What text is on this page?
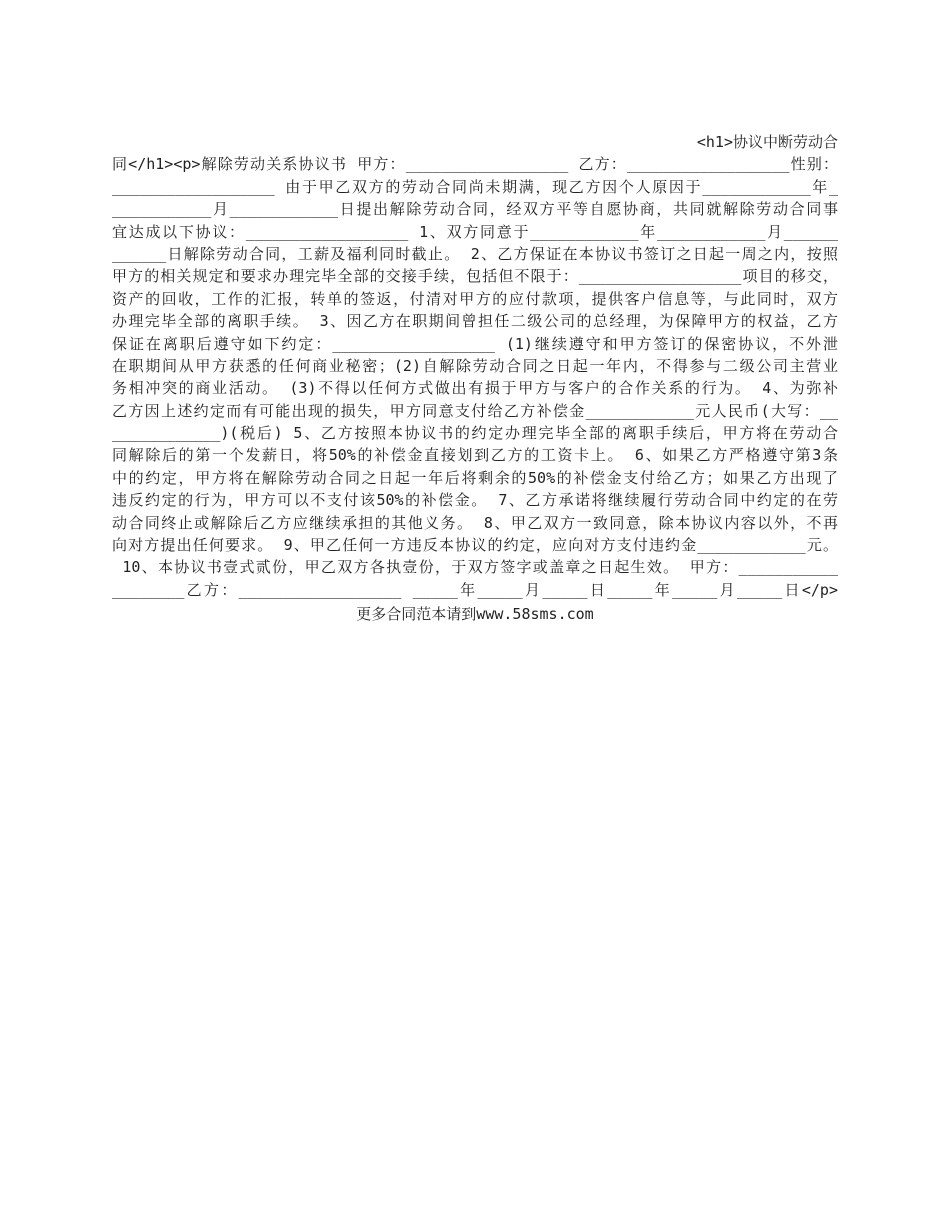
<h1>协议中断劳动合
同</h1><p>解除劳动关系协议书 甲方：__________________ 乙方：__________________性别：
__________________ 由于甲乙双方的劳动合同尚未期满，现乙方因个人原因于____________年_
___________月____________日提出解除劳动合同，经双方平等自愿协商，共同就解除劳动合同事
宜达成以下协议：__________________ 1、双方同意于____________年____________月______
______日解除劳动合同，工薪及福利同时截止。 2、乙方保证在本协议书签订之日起一周之内，按照
甲方的相关规定和要求办理完毕全部的交接手续，包括但不限于：__________________项目的移交，
资产的回收，工作的汇报，转单的签返，付清对甲方的应付款项，提供客户信息等，与此同时，双方
办理完毕全部的离职手续。 3、因乙方在职期间曾担任二级公司的总经理，为保障甲方的权益，乙方
保证在离职后遵守如下约定：__________________ (1)继续遵守和甲方签订的保密协议，不外泄
在职期间从甲方获悉的任何商业秘密；(2)自解除劳动合同之日起一年内，不得参与二级公司主营业
务相冲突的商业活动。 (3)不得以任何方式做出有损于甲方与客户的合作关系的行为。 4、为弥补
乙方因上述约定而有可能出现的损失，甲方同意支付给乙方补偿金____________元人民币(大写：__
____________)(税后) 5、乙方按照本协议书的约定办理完毕全部的离职手续后，甲方将在劳动合
同解除后的第一个发薪日，将50%的补偿金直接划到乙方的工资卡上。 6、如果乙方严格遵守第3条
中的约定，甲方将在解除劳动合同之日起一年后将剩余的50%的补偿金支付给乙方；如果乙方出现了
违反约定的行为，甲方可以不支付该50%的补偿金。 7、乙方承诺将继续履行劳动合同中约定的在劳
动合同终止或解除后乙方应继续承担的其他义务。 8、甲乙双方一致同意，除本协议内容以外，不再
向对方提出任何要求。 9、甲乙任何一方违反本协议的约定，应向对方支付违约金____________元。
10、本协议书壹式贰份，甲乙双方各执壹份，于双方签字或盖章之日起生效。 甲方：___________
________乙方：__________________ _____年_____月_____日_____年_____月_____日</p>
更多合同范本请到www.58sms.com
